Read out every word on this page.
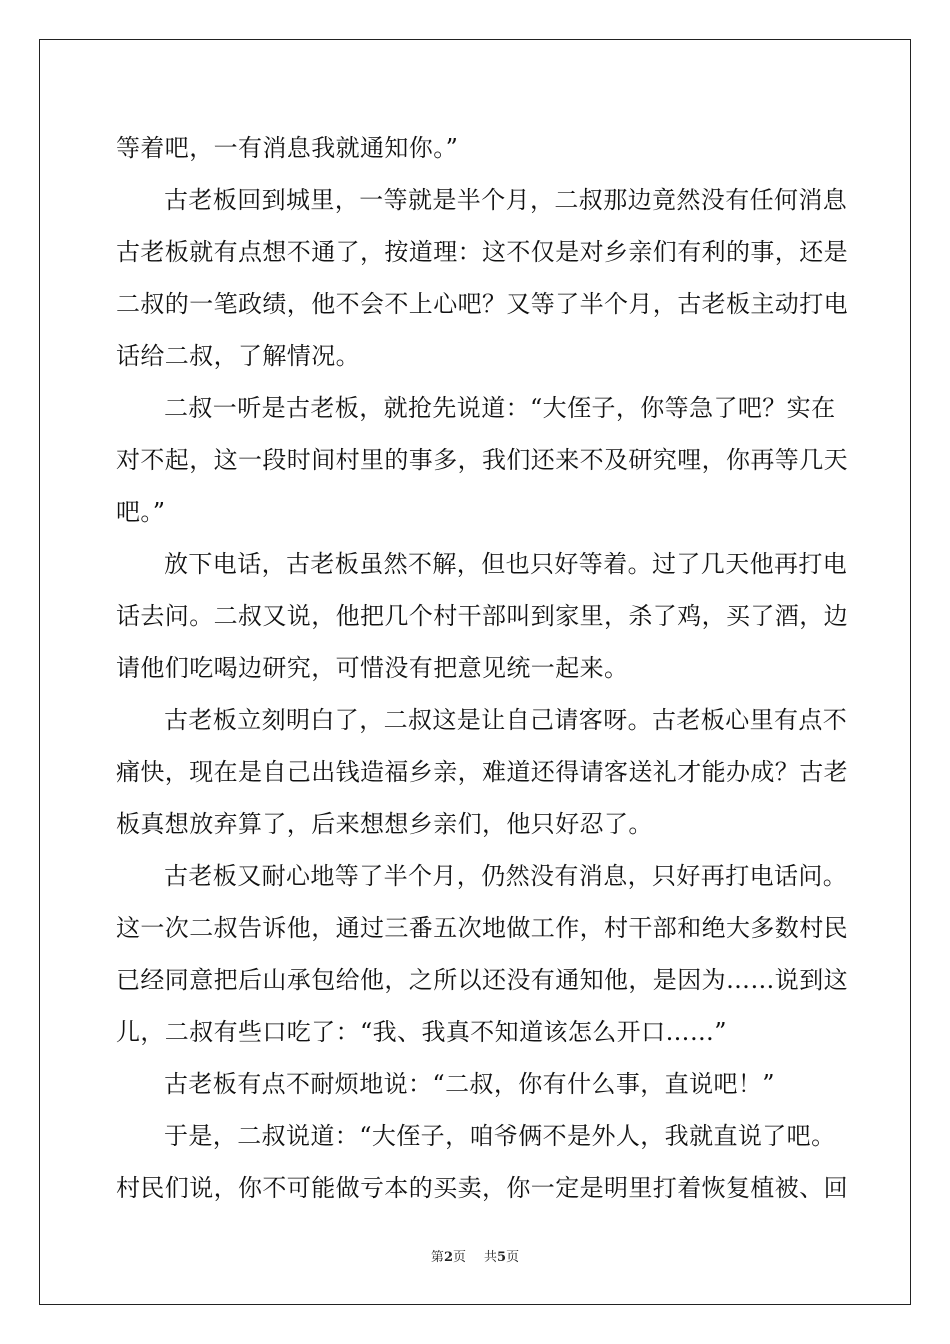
等着吧，一有消息我就通知你。”
古老板回到城里，一等就是半个月，二叔那边竟然没有任何消息
古老板就有点想不通了，按道理：这不仅是对乡亲们有利的事，还是
二叔的一笔政绩，他不会不上心吧？又等了半个月，古老板主动打电
话给二叔，了解情况。
二叔一听是古老板，就抢先说道：“大侄子，你等急了吧？实在
对不起，这一段时间村里的事多，我们还来不及研究哩，你再等几天
吧。”
放下电话，古老板虽然不解，但也只好等着。过了几天他再打电
话去问。二叔又说，他把几个村干部叫到家里，杀了鸡，买了酒，边
请他们吃喝边研究，可惜没有把意见统一起来。
古老板立刻明白了，二叔这是让自己请客呀。古老板心里有点不
痛快，现在是自己出钱造福乡亲，难道还得请客送礼才能办成？古老
板真想放弃算了，后来想想乡亲们，他只好忍了。
古老板又耐心地等了半个月，仍然没有消息，只好再打电话问。
这一次二叔告诉他，通过三番五次地做工作，村干部和绝大多数村民
已经同意把后山承包给他，之所以还没有通知他，是因为……说到这
儿，二叔有些口吃了：“我、我真不知道该怎么开口……”
古老板有点不耐烦地说：“二叔，你有什么事，直说吧！”
于是，二叔说道：“大侄子，咱爷俩不是外人，我就直说了吧。
村民们说，你不可能做亏本的买卖，你一定是明里打着恢复植被、回
第2页 共5页
